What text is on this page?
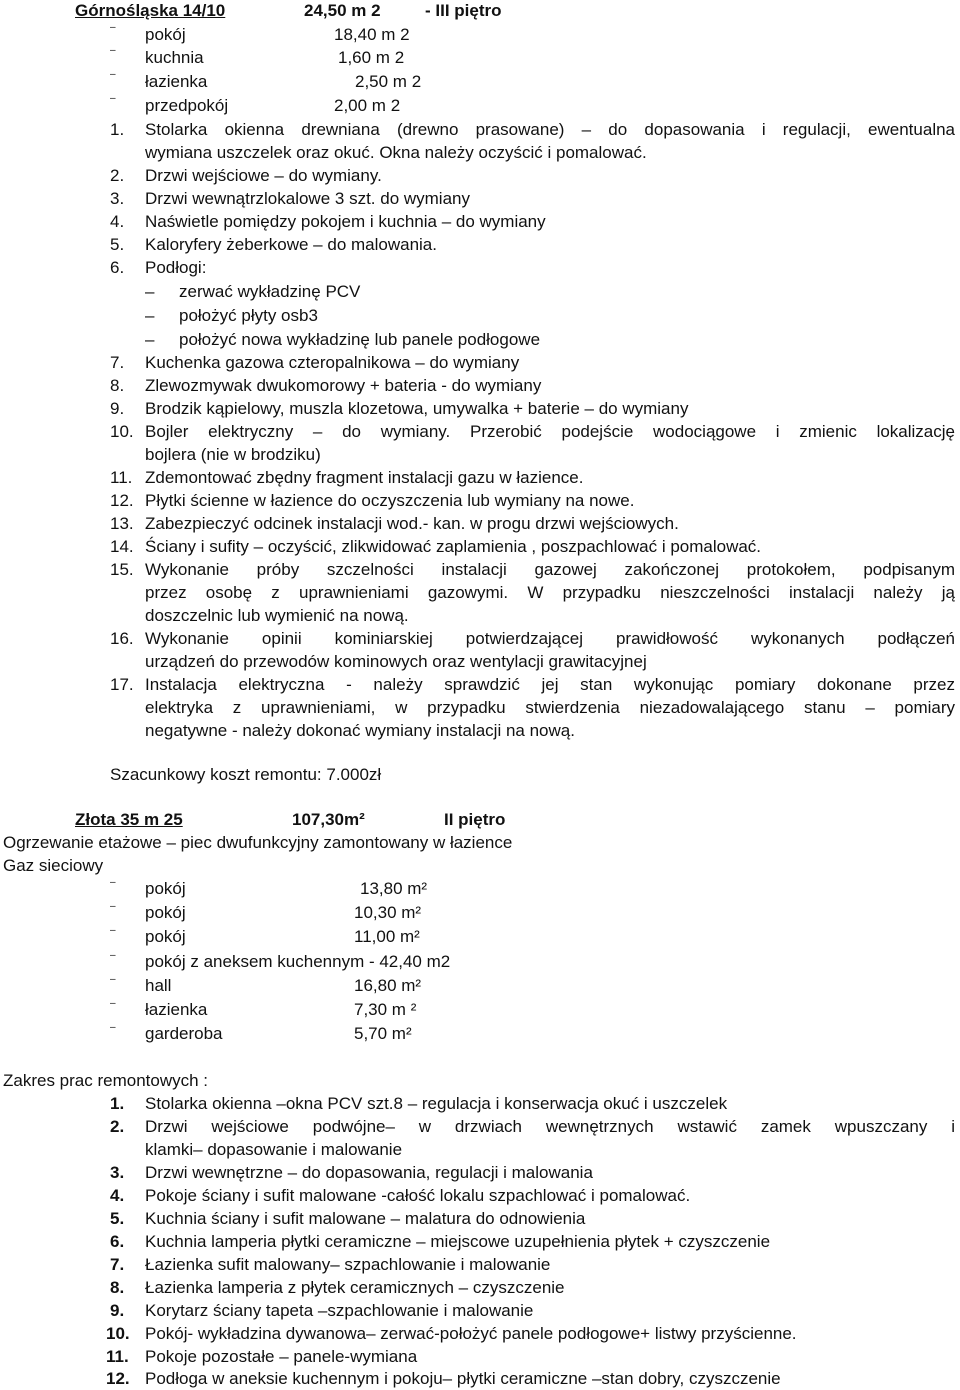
Górnośląska 14/10	24,50 m 2	- III piętro
– pokój	18,40 m 2
– kuchnia	1,60 m 2
– łazienka	2,50 m 2
– przedpokój	2,00 m 2
1. Stolarka okienna drewniana (drewno prasowane) – do dopasowania i regulacji, ewentualna
wymiana uszczelek oraz okuć. Okna należy oczyścić i pomalować.
2. Drzwi wejściowe – do wymiany.
3. Drzwi wewnątrzlokalowe 3 szt. do wymiany
4. Naświetle pomiędzy pokojem i kuchnia – do wymiany
5. Kaloryfery żeberkowe – do malowania.
6. Podłogi:
– zerwać wykładzinę PCV
– położyć płyty osb3
– położyć nowa wykładzinę lub panele podłogowe
7. Kuchenka gazowa czteropalnikowa – do wymiany
8. Zlewozmywak dwukomorowy + bateria - do wymiany
9. Brodzik kąpielowy, muszla klozetowa, umywalka + baterie – do wymiany
10. Bojler elektryczny – do wymiany. Przerobić podejście wodociągowe i zmienic lokalizację
bojlera (nie w brodziku)
11. Zdemontować zbędny fragment instalacji gazu w łazience.
12. Płytki ścienne w łazience do oczyszczenia lub wymiany na nowe.
13. Zabezpieczyć odcinek instalacji wod.- kan. w progu drzwi wejściowych.
14. Ściany i sufity – oczyścić, zlikwidować zaplamienia , poszpachlować i pomalować.
15. Wykonanie próby szczelności instalacji gazowej zakończonej protokołem, podpisanym
przez osobę z uprawnieniami gazowymi. W przypadku nieszczelności instalacji należy ją
doszczelnic lub wymienić na nową.
16. Wykonanie opinii kominiarskiej potwierdzającej prawidłowość wykonanych podłączeń
urządzeń do przewodów kominowych oraz wentylacji grawitacyjnej
17. Instalacja elektryczna - należy sprawdzić jej stan wykonując pomiary dokonane przez
elektryka z uprawnieniami, w przypadku stwierdzenia niezadowalającego stanu – pomiary
negatywne - należy dokonać wymiany instalacji na nową.
Szacunkowy koszt remontu: 7.000zł
Złota 35 m 25	107,30m²	II piętro
Ogrzewanie etażowe – piec dwufunkcyjny zamontowany w łazience
Gaz sieciowy
– pokój	13,80 m²
– pokój	10,30 m²
– pokój	11,00 m²
– pokój z aneksem kuchennym - 42,40 m2
– hall	16,80 m²
– łazienka	7,30 m ²
– garderoba	5,70 m²
Zakres prac remontowych :
1. Stolarka okienna –okna PCV szt.8 – regulacja i konserwacja okuć i uszczelek
2. Drzwi wejściowe podwójne– w drzwiach wewnętrznych wstawić zamek wpuszczany i
klamki– dopasowanie i malowanie
3. Drzwi wewnętrzne – do dopasowania, regulacji i malowania
4. Pokoje ściany i sufit malowane -całość lokalu szpachlować i pomalować.
5. Kuchnia ściany i sufit malowane – malatura do odnowienia
6. Kuchnia lamperia płytki ceramiczne – miejscowe uzupełnienia płytek + czyszczenie
7. Łazienka sufit malowany– szpachlowanie i malowanie
8. Łazienka lamperia z płytek ceramicznych – czyszczenie
9. Korytarz ściany tapeta –szpachlowanie i malowanie
10. Pokój- wykładzina dywanowa– zerwać-położyć panele podłogowe+ listwy przyścienne.
11. Pokoje pozostałe – panele-wymiana
12. Podłoga w aneksie kuchennym i pokoju– płytki ceramiczne –stan dobry, czyszczenie
